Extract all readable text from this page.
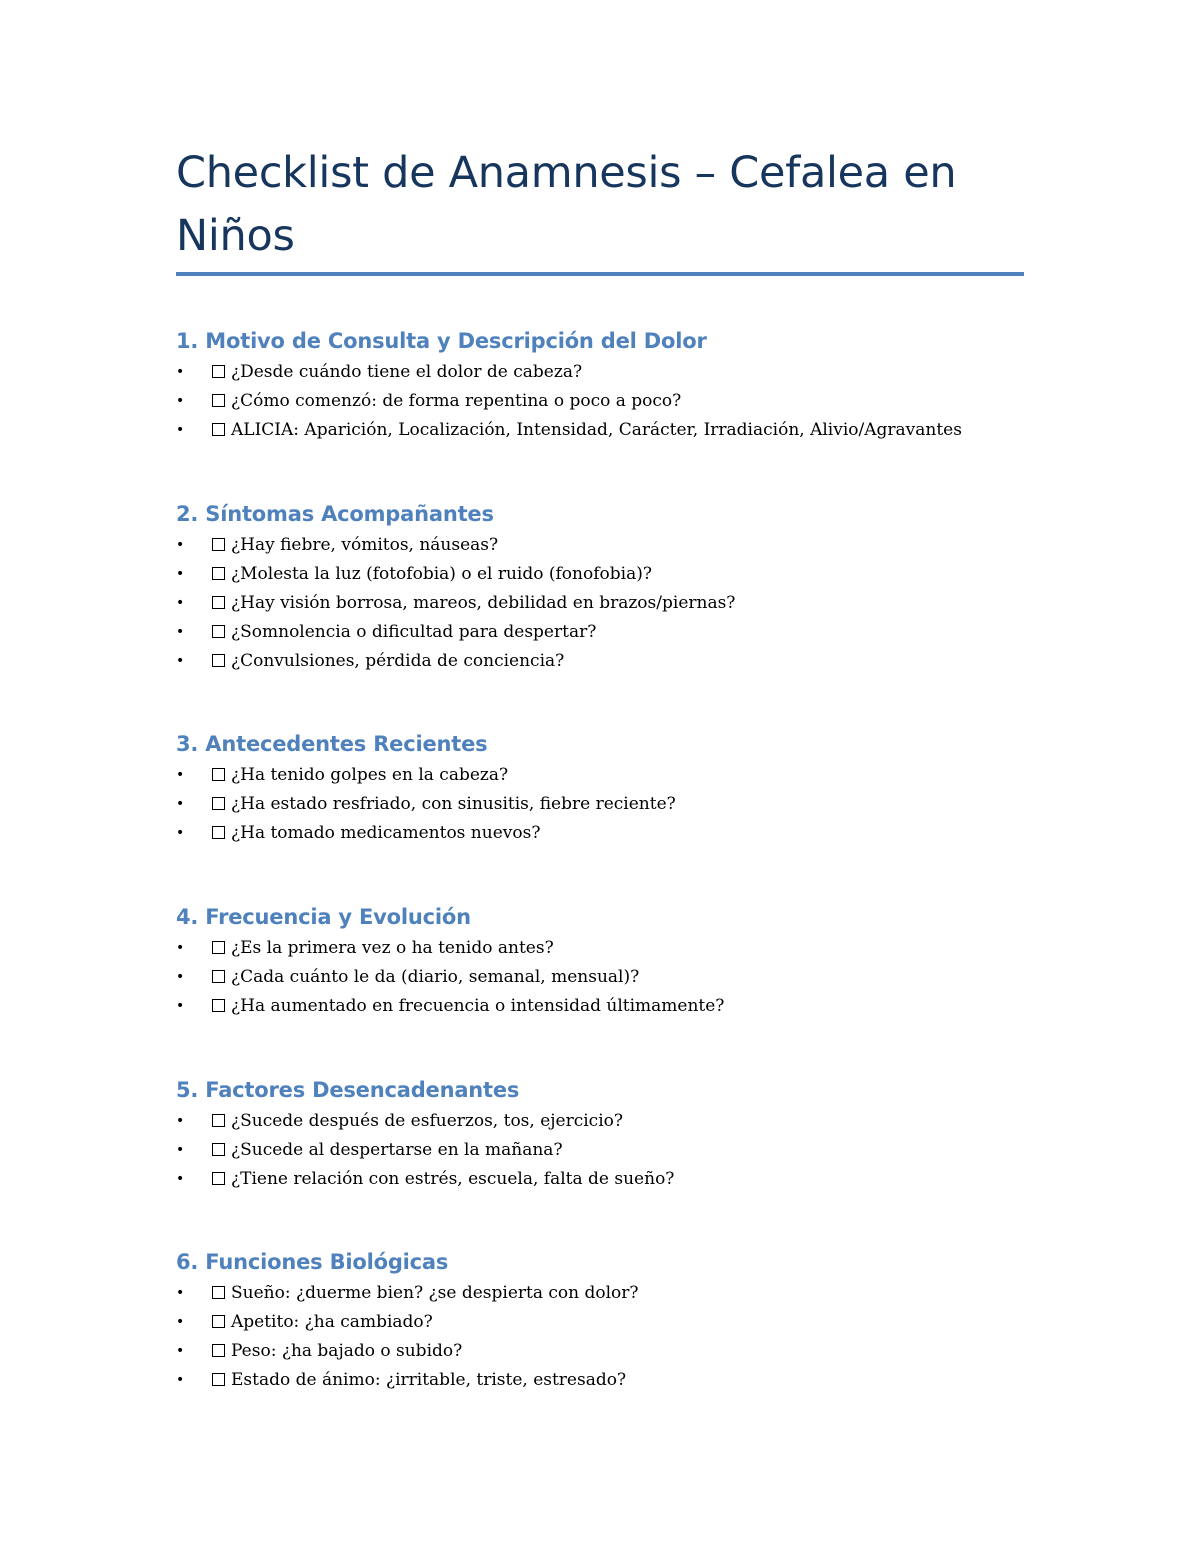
Checklist de Anamnesis – Cefalea en Niños
1. Motivo de Consulta y Descripción del Dolor
•	¿Desde cuándo tiene el dolor de cabeza?
•	¿Cómo comenzó: de forma repentina o poco a poco?
•	ALICIA: Aparición, Localización, Intensidad, Carácter, Irradiación, Alivio/Agravantes
2. Síntomas Acompañantes
•	¿Hay fiebre, vómitos, náuseas?
•	¿Molesta la luz (fotofobia) o el ruido (fonofobia)?
•	¿Hay visión borrosa, mareos, debilidad en brazos/piernas?
•	¿Somnolencia o dificultad para despertar?
•	¿Convulsiones, pérdida de conciencia?
3. Antecedentes Recientes
•	¿Ha tenido golpes en la cabeza?
•	¿Ha estado resfriado, con sinusitis, fiebre reciente?
•	¿Ha tomado medicamentos nuevos?
4. Frecuencia y Evolución
•	¿Es la primera vez o ha tenido antes?
•	¿Cada cuánto le da (diario, semanal, mensual)?
•	¿Ha aumentado en frecuencia o intensidad últimamente?
5. Factores Desencadenantes
•	¿Sucede después de esfuerzos, tos, ejercicio?
•	¿Sucede al despertarse en la mañana?
•	¿Tiene relación con estrés, escuela, falta de sueño?
6. Funciones Biológicas
•	Sueño: ¿duerme bien? ¿se despierta con dolor?
•	Apetito: ¿ha cambiado?
•	Peso: ¿ha bajado o subido?
•	Estado de ánimo: ¿irritable, triste, estresado?
